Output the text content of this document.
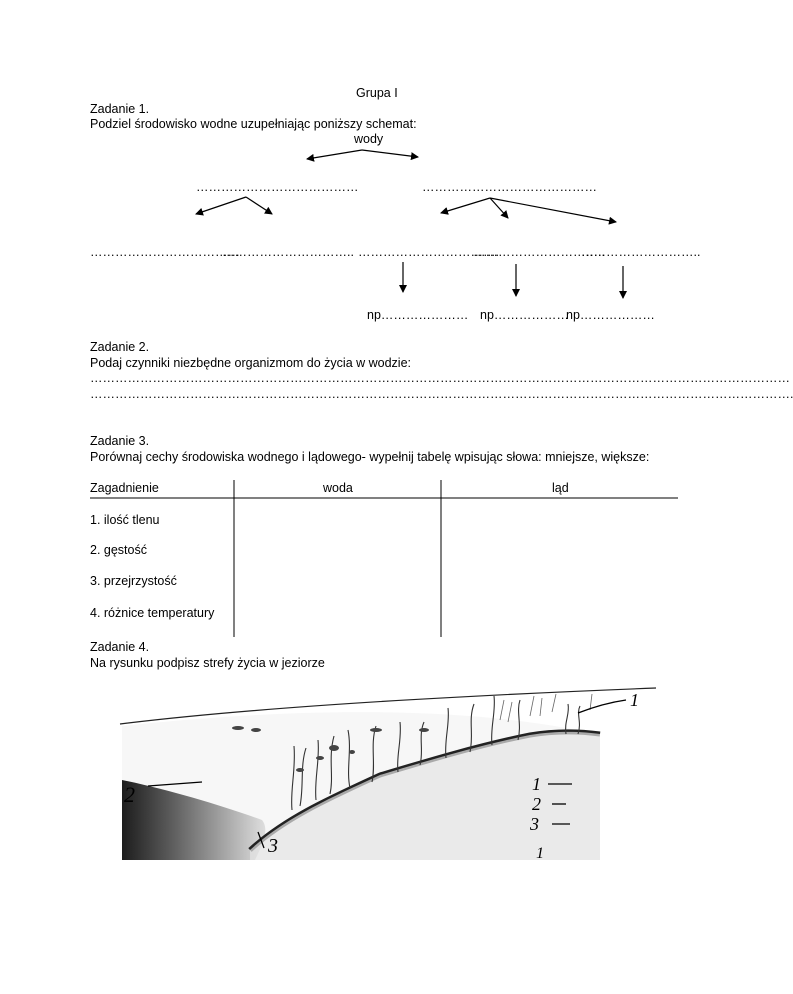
Grupa I
Zadanie 1.
Podziel środowisko wodne uzupełniając poniższy schemat:
wody
…………………………………	……………………………………
………………………………
………………………….. …………………………….
…………………………..
………………………..
np………………… np………………
np………………
Zadanie 2.
Podaj czynniki niezbędne organizmom do życia w wodzie:
……………………………………………………………………………………………………………………………………………………
…………………………………………………………………………………………………………………………………………………….
Zadanie 3.
Porównaj cechy środowiska wodnego i lądowego- wypełnij tabelę wpisując słowa: mniejsze, większe:
Zagadnienie	woda	ląd
1. ilość tlenu
2. gęstość
3. przejrzystość
4. różnice temperatury
Zadanie 4.
Na rysunku podpisz strefy życia w jeziorze
1
2
3
1
2
3
1
